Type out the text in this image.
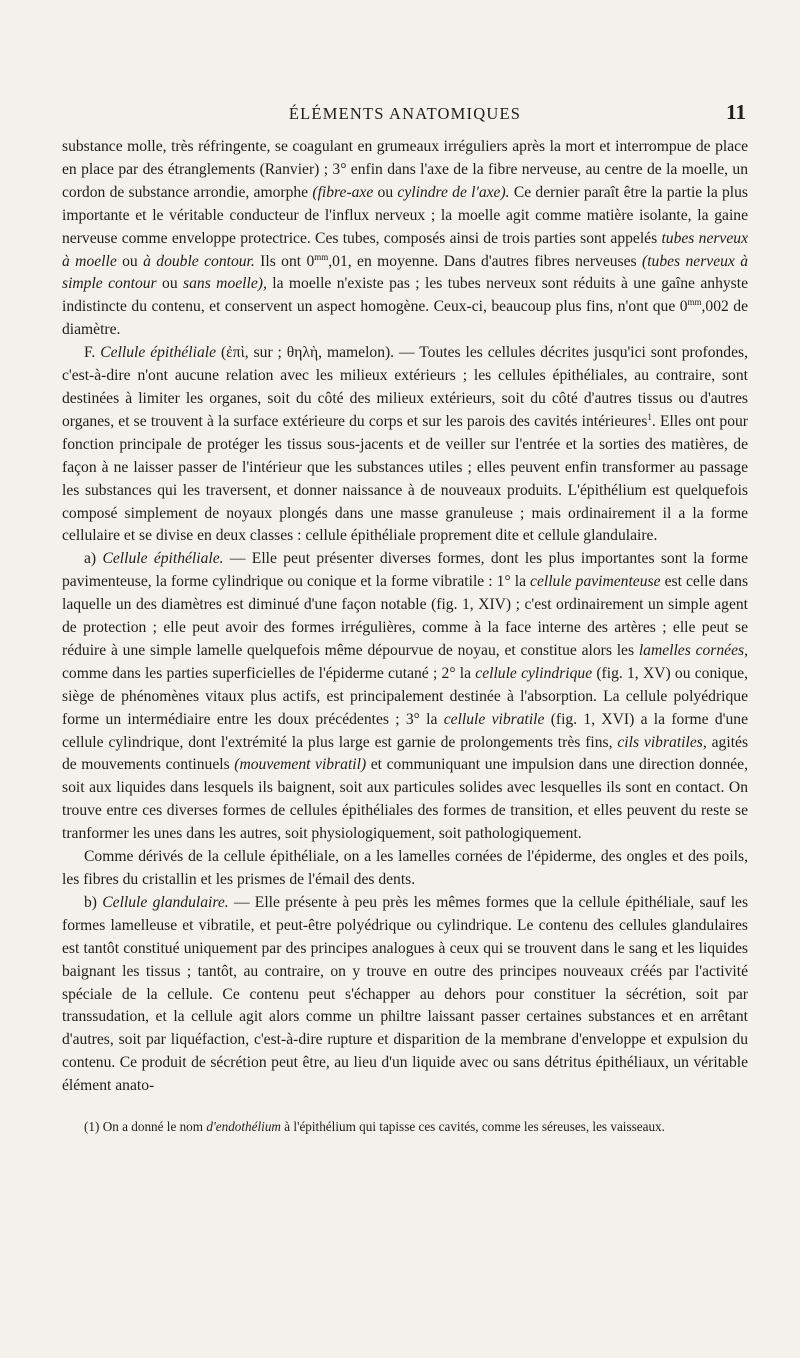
ÉLÉMENTS ANATOMIQUES	11

substance molle, très réfringente, se coagulant en grumeaux irréguliers après la mort et interrompue de place en place par des étranglements (Ranvier) ; 3° enfin dans l'axe de la fibre nerveuse, au centre de la moelle, un cordon de substance arrondie, amorphe (fibre-axe ou cylindre de l'axe). Ce dernier paraît être la partie la plus importante et le véritable conducteur de l'influx nerveux ; la moelle agit comme matière isolante, la gaine nerveuse comme enveloppe protectrice. Ces tubes, composés ainsi de trois parties sont appelés tubes nerveux à moelle ou à double contour. Ils ont $0^{mm},01$, en moyenne. Dans d'autres fibres nerveuses (tubes nerveux à simple contour ou sans moelle), la moelle n'existe pas ; les tubes nerveux sont réduits à une gaîne anhyste indistincte du contenu, et conservent un aspect homogène. Ceux-ci, beaucoup plus fins, n'ont que $0^{mm},002$ de diamètre.

F. Cellule épithéliale (ἐπὶ, sur ; θηλὴ, mamelon). — Toutes les cellules décrites jusqu'ici sont profondes, c'est-à-dire n'ont aucune relation avec les milieux extérieurs ; les cellules épithéliales, au contraire, sont destinées à limiter les organes, soit du côté des milieux extérieurs, soit du côté d'autres tissus ou d'autres organes, et se trouvent à la surface extérieure du corps et sur les parois des cavités intérieures$^1$. Elles ont pour fonction principale de protéger les tissus sous-jacents et de veiller sur l'entrée et la sorties des matières, de façon à ne laisser passer de l'intérieur que les substances utiles ; elles peuvent enfin transformer au passage les substances qui les traversent, et donner naissance à de nouveaux produits. L'épithélium est quelquefois composé simplement de noyaux plongés dans une masse granuleuse ; mais ordinairement il a la forme cellulaire et se divise en deux classes : cellule épithéliale proprement dite et cellule glandulaire.

a) Cellule épithéliale. — Elle peut présenter diverses formes, dont les plus importantes sont la forme pavimenteuse, la forme cylindrique ou conique et la forme vibratile : 1° la cellule pavimenteuse est celle dans laquelle un des diamètres est diminué d'une façon notable (fig. 1, XIV) ; c'est ordinairement un simple agent de protection ; elle peut avoir des formes irrégulières, comme à la face interne des artères ; elle peut se réduire à une simple lamelle quelquefois même dépourvue de noyau, et constitue alors les lamelles cornées, comme dans les parties superficielles de l'épiderme cutané ; 2° la cellule cylindrique (fig. 1, XV) ou conique, siège de phénomènes vitaux plus actifs, est principalement destinée à l'absorption. La cellule polyédrique forme un intermédiaire entre les doux précédentes ; 3° la cellule vibratile (fig. 1, XVI) a la forme d'une cellule cylindrique, dont l'extrémité la plus large est garnie de prolongements très fins, cils vibratiles, agités de mouvements continuels (mouvement vibratil) et communiquant une impulsion dans une direction donnée, soit aux liquides dans lesquels ils baignent, soit aux particules solides avec lesquelles ils sont en contact. On trouve entre ces diverses formes de cellules épithéliales des formes de transition, et elles peuvent du reste se tranformer les unes dans les autres, soit physiologiquement, soit pathologiquement.

Comme dérivés de la cellule épithéliale, on a les lamelles cornées de l'épiderme, des ongles et des poils, les fibres du cristallin et les prismes de l'émail des dents.

b) Cellule glandulaire. — Elle présente à peu près les mêmes formes que la cellule épithéliale, sauf les formes lamelleuse et vibratile, et peut-être polyédrique ou cylindrique. Le contenu des cellules glandulaires est tantôt constitué uniquement par des principes analogues à ceux qui se trouvent dans le sang et les liquides baignant les tissus ; tantôt, au contraire, on y trouve en outre des principes nouveaux créés par l'activité spéciale de la cellule. Ce contenu peut s'échapper au dehors pour constituer la sécrétion, soit par transsudation, et la cellule agit alors comme un philtre laissant passer certaines substances et en arrêtant d'autres, soit par liquéfaction, c'est-à-dire rupture et disparition de la membrane d'enveloppe et expulsion du contenu. Ce produit de sécrétion peut être, au lieu d'un liquide avec ou sans détritus épithéliaux, un véritable élément anato-

(1) On a donné le nom d'endothélium à l'épithélium qui tapisse ces cavités, comme les séreuses, les vaisseaux.
